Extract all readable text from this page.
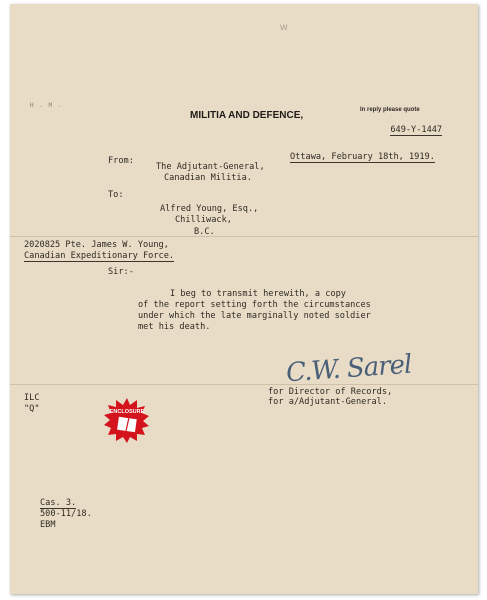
W
H . M .
MILITIA AND DEFENCE,	In reply please quote
649-Y-1447
From:	Ottawa, February 18th, 1919.
The Adjutant-General,
Canadian Militia.
To:
Alfred Young, Esq.,
Chilliwack,
B.C.
2020825 Pte. James W. Young,
Canadian Expeditionary Force.
Sir:-
I beg to transmit herewith, a copy
of the report setting forth the circumstances
under which the late marginally noted soldier
met his death.
C.W. Sarel
for Director of Records,
for a/Adjutant-General.
ILC
"Q"	ENCLOSURE
Cas. 3.
500-11/18.
EBM
